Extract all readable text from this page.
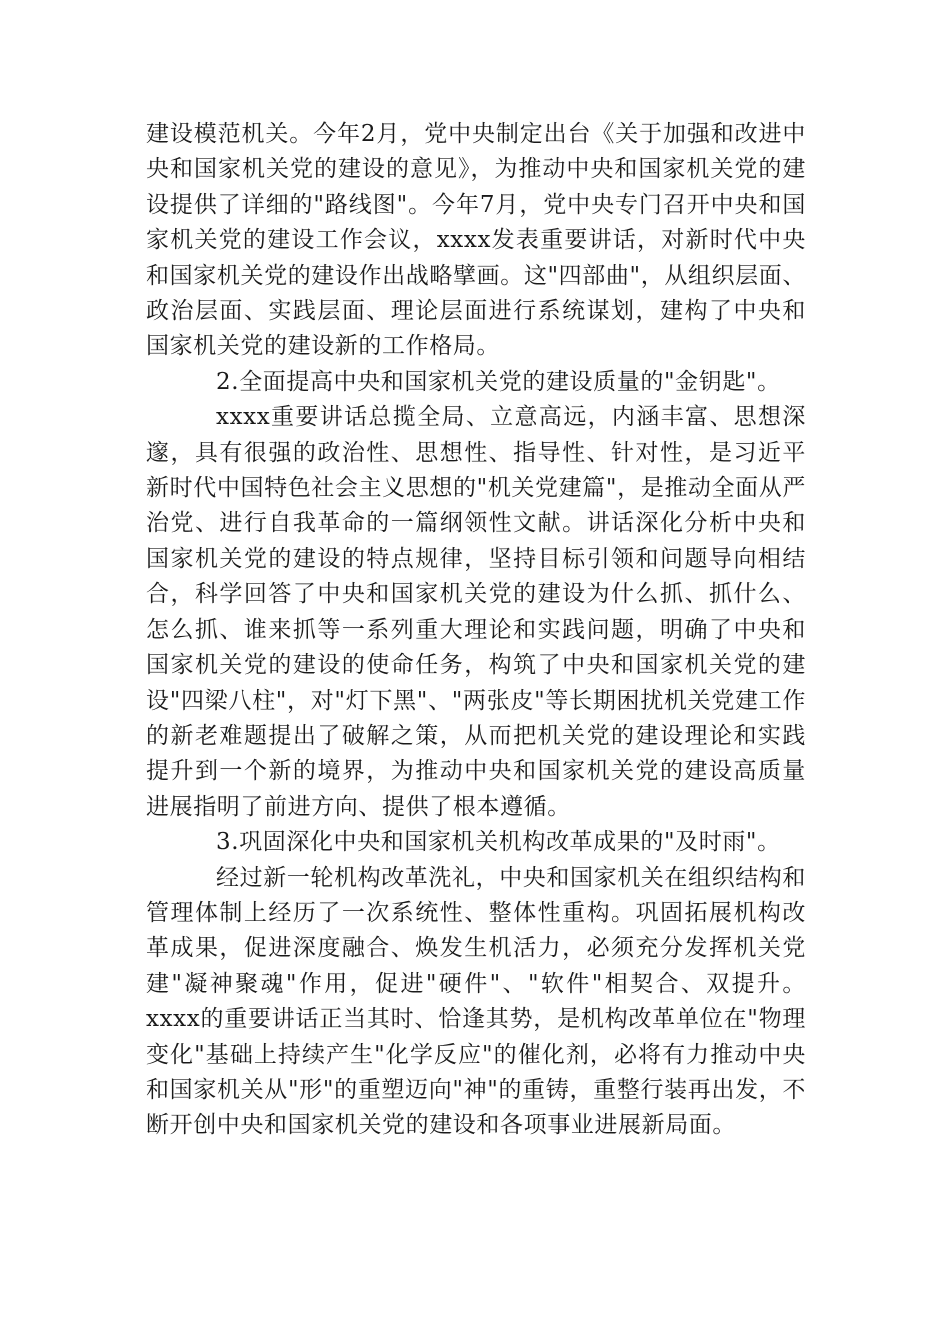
建设模范机关。今年2月，党中央制定出台《关于加强和改进中央和国家机关党的建设的意见》，为推动中央和国家机关党的建设提供了详细的"路线图"。今年7月，党中央专门召开中央和国家机关党的建设工作会议，xxxx发表重要讲话，对新时代中央和国家机关党的建设作出战略擘画。这"四部曲"，从组织层面、政治层面、实践层面、理论层面进行系统谋划，建构了中央和国家机关党的建设新的工作格局。

2.全面提高中央和国家机关党的建设质量的"金钥匙"。

xxxx重要讲话总揽全局、立意高远，内涵丰富、思想深邃，具有很强的政治性、思想性、指导性、针对性，是习近平新时代中国特色社会主义思想的"机关党建篇"，是推动全面从严治党、进行自我革命的一篇纲领性文献。讲话深化分析中央和国家机关党的建设的特点规律，坚持目标引领和问题导向相结合，科学回答了中央和国家机关党的建设为什么抓、抓什么、怎么抓、谁来抓等一系列重大理论和实践问题，明确了中央和国家机关党的建设的使命任务，构筑了中央和国家机关党的建设"四梁八柱"，对"灯下黑"、"两张皮"等长期困扰机关党建工作的新老难题提出了破解之策，从而把机关党的建设理论和实践提升到一个新的境界，为推动中央和国家机关党的建设高质量进展指明了前进方向、提供了根本遵循。

3.巩固深化中央和国家机关机构改革成果的"及时雨"。

经过新一轮机构改革洗礼，中央和国家机关在组织结构和管理体制上经历了一次系统性、整体性重构。巩固拓展机构改革成果，促进深度融合、焕发生机活力，必须充分发挥机关党建"凝神聚魂"作用，促进"硬件"、"软件"相契合、双提升。xxxx的重要讲话正当其时、恰逢其势，是机构改革单位在"物理变化"基础上持续产生"化学反应"的催化剂，必将有力推动中央和国家机关从"形"的重塑迈向"神"的重铸，重整行装再出发，不断开创中央和国家机关党的建设和各项事业进展新局面。
